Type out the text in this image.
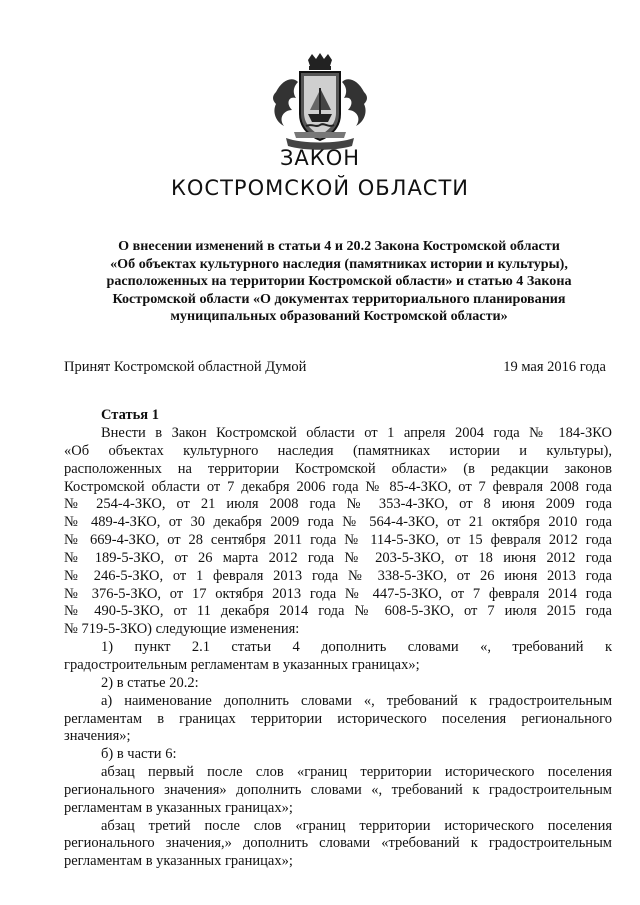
ЗАКОН
КОСТРОМСКОЙ ОБЛАСТИ
О внесении изменений в статьи 4 и 20.2 Закона Костромской области
«Об объектах культурного наследия (памятниках истории и культуры),
расположенных на территории Костромской области» и статью 4 Закона
Костромской области «О документах территориального планирования
муниципальных образований Костромской области»
Принят Костромской областной Думой	19 мая 2016 года
Статья 1
Внести в Закон Костромской области от 1 апреля 2004 года № 184-ЗКО
«Об объектах культурного наследия (памятниках истории и культуры),
расположенных на территории Костромской области» (в редакции законов
Костромской области от 7 декабря 2006 года № 85-4-ЗКО, от 7 февраля 2008 года
№ 254-4-ЗКО, от 21 июля 2008 года № 353-4-ЗКО, от 8 июня 2009 года
№ 489-4-ЗКО, от 30 декабря 2009 года № 564-4-ЗКО, от 21 октября 2010 года
№ 669-4-ЗКО, от 28 сентября 2011 года № 114-5-ЗКО, от 15 февраля 2012 года
№ 189-5-ЗКО, от 26 марта 2012 года № 203-5-ЗКО, от 18 июня 2012 года
№ 246-5-ЗКО, от 1 февраля 2013 года № 338-5-ЗКО, от 26 июня 2013 года
№ 376-5-ЗКО, от 17 октября 2013 года № 447-5-ЗКО, от 7 февраля 2014 года
№ 490-5-ЗКО, от 11 декабря 2014 года № 608-5-ЗКО, от 7 июля 2015 года
№ 719-5-ЗКО) следующие изменения:
1) пункт 2.1 статьи 4 дополнить словами «, требований к
градостроительным регламентам в указанных границах»;
2) в статье 20.2:
а) наименование дополнить словами «, требований к градостроительным
регламентам в границах территории исторического поселения регионального
значения»;
б) в части 6:
абзац первый после слов «границ территории исторического поселения
регионального значения» дополнить словами «, требований к градостроительным
регламентам в указанных границах»;
абзац третий после слов «границ территории исторического поселения
регионального значения,» дополнить словами «требований к градостроительным
регламентам в указанных границах»;
